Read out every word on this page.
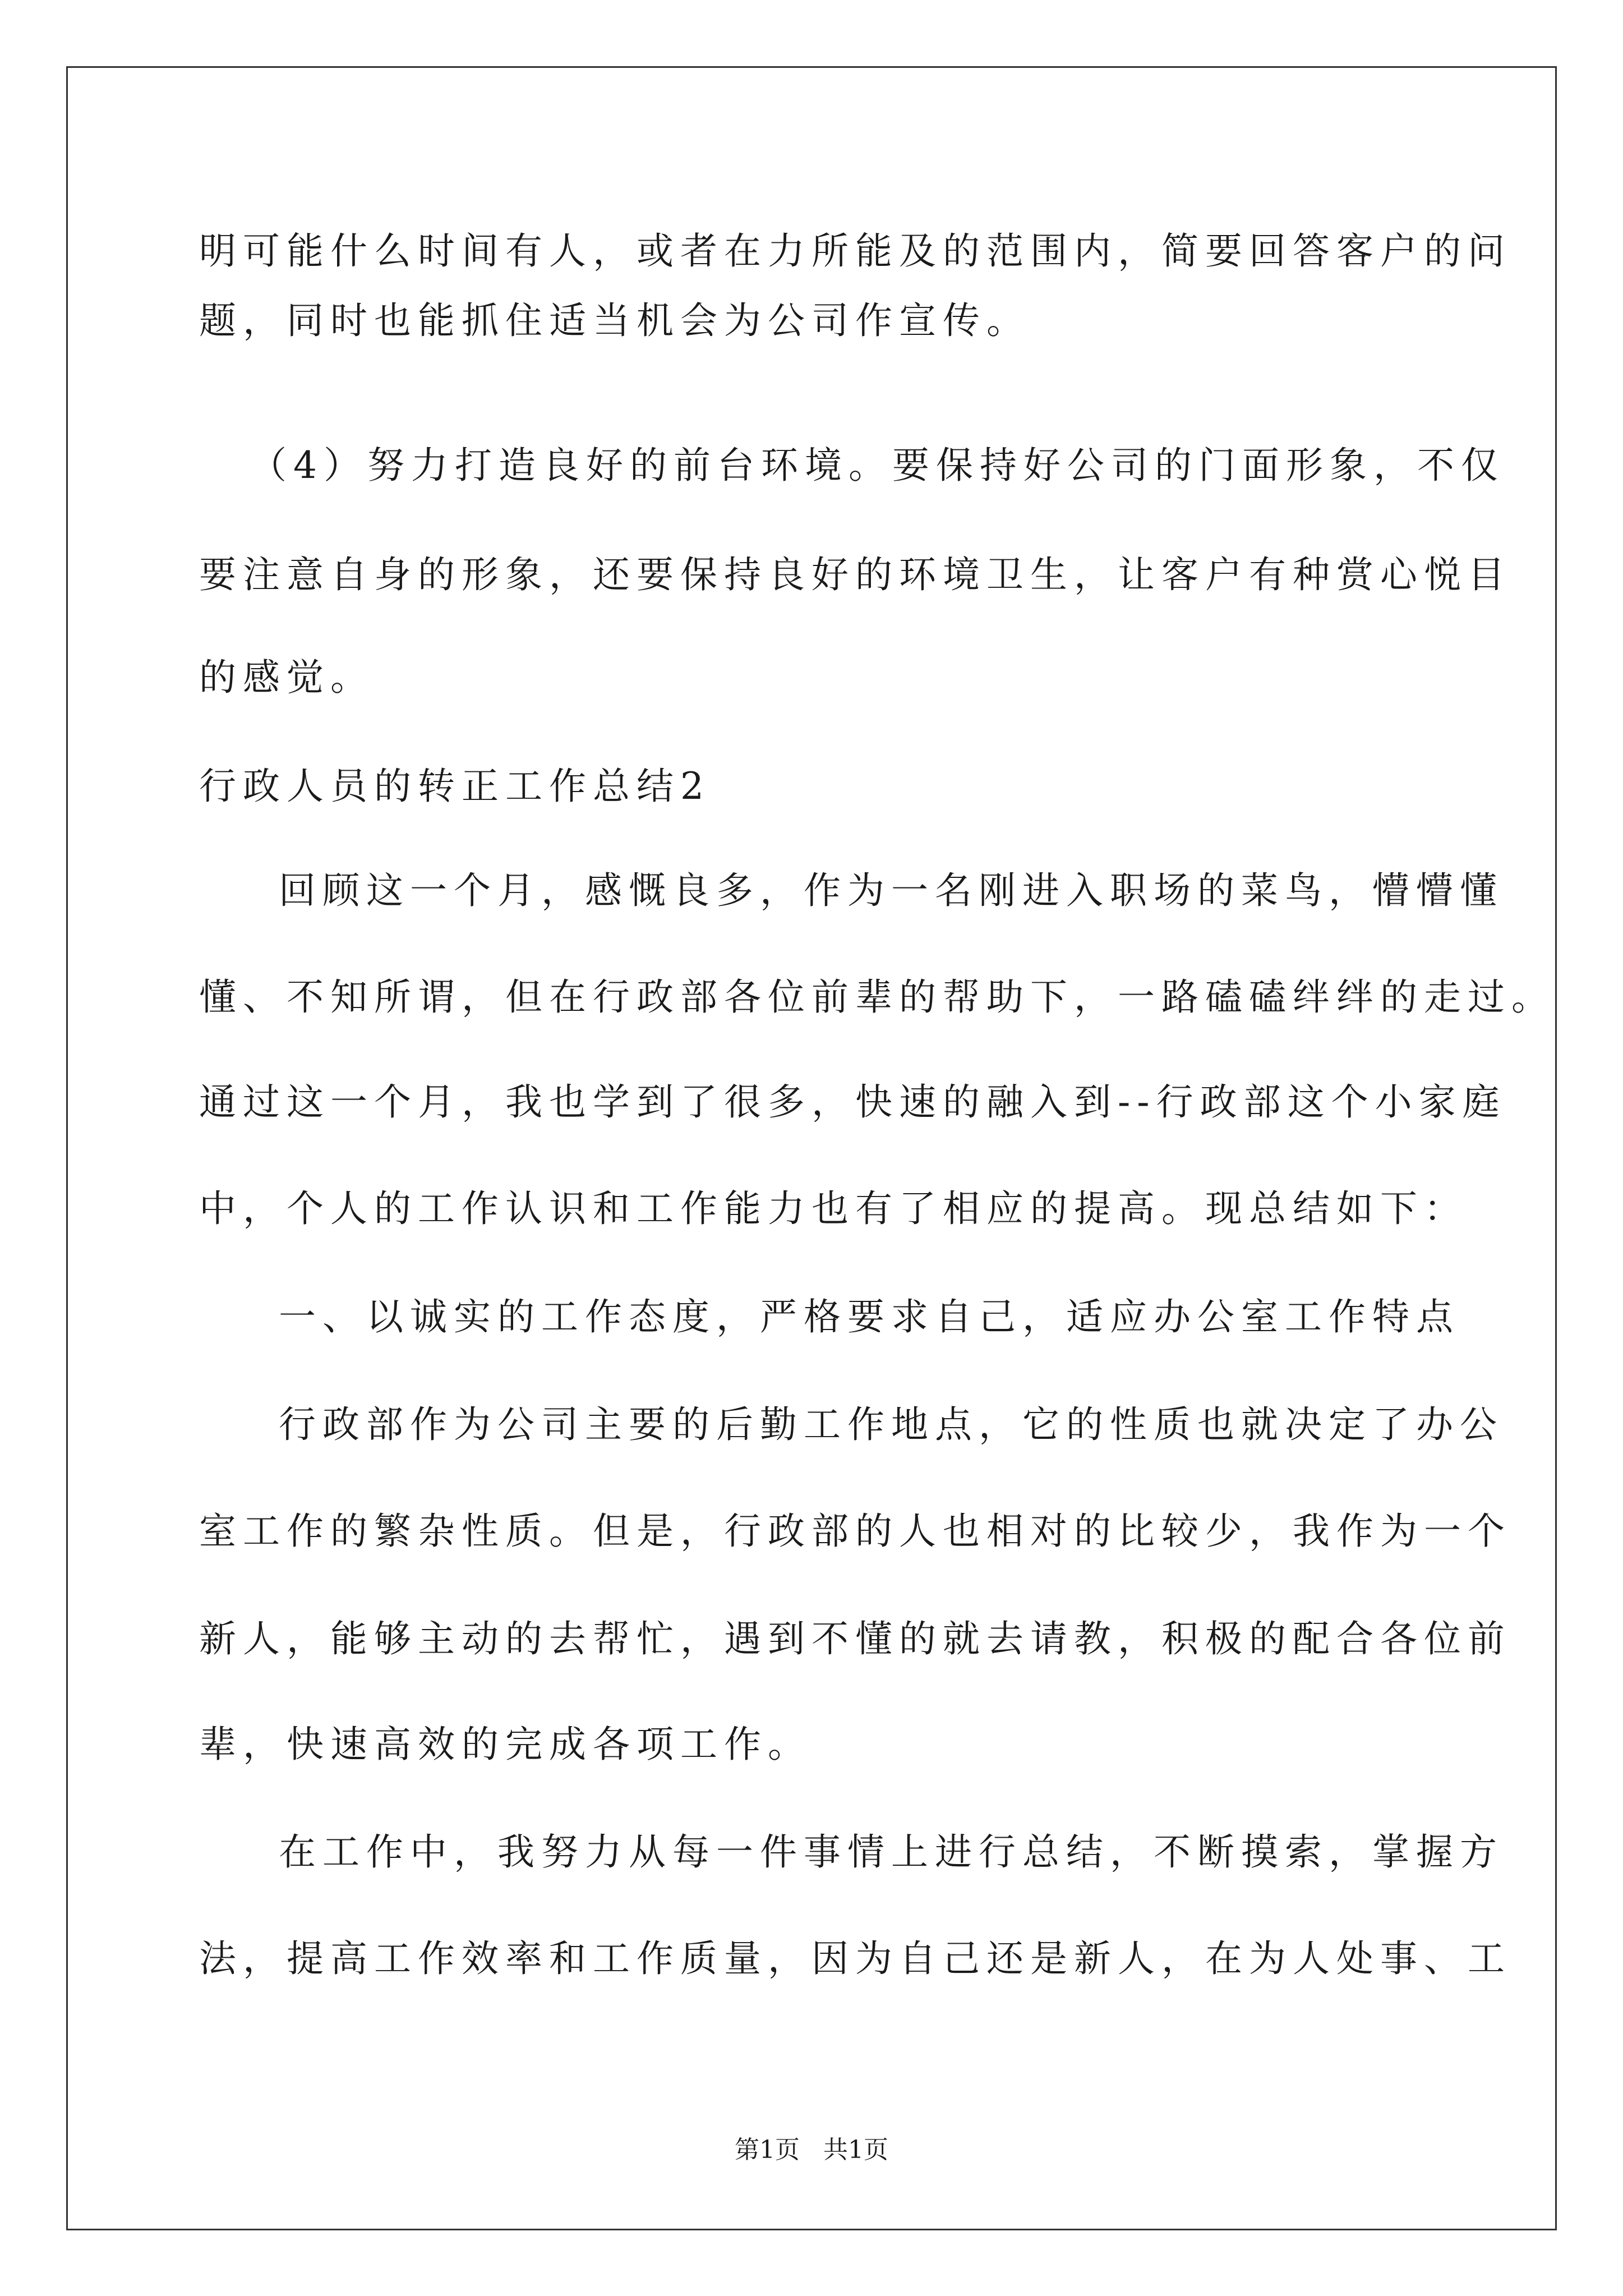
明可能什么时间有人，或者在力所能及的范围内，简要回答客户的问
题，同时也能抓住适当机会为公司作宣传。
（4）努力打造良好的前台环境。要保持好公司的门面形象，不仅
要注意自身的形象，还要保持良好的环境卫生，让客户有种赏心悦目
的感觉。
行政人员的转正工作总结2
回顾这一个月，感慨良多，作为一名刚进入职场的菜鸟，懵懵懂
懂、不知所谓，但在行政部各位前辈的帮助下，一路磕磕绊绊的走过。
通过这一个月，我也学到了很多，快速的融入到--行政部这个小家庭
中，个人的工作认识和工作能力也有了相应的提高。现总结如下：
一、以诚实的工作态度，严格要求自己，适应办公室工作特点
行政部作为公司主要的后勤工作地点，它的性质也就决定了办公
室工作的繁杂性质。但是，行政部的人也相对的比较少，我作为一个
新人，能够主动的去帮忙，遇到不懂的就去请教，积极的配合各位前
辈，快速高效的完成各项工作。
在工作中，我努力从每一件事情上进行总结，不断摸索，掌握方
法，提高工作效率和工作质量，因为自己还是新人，在为人处事、工
第1页 共1页
